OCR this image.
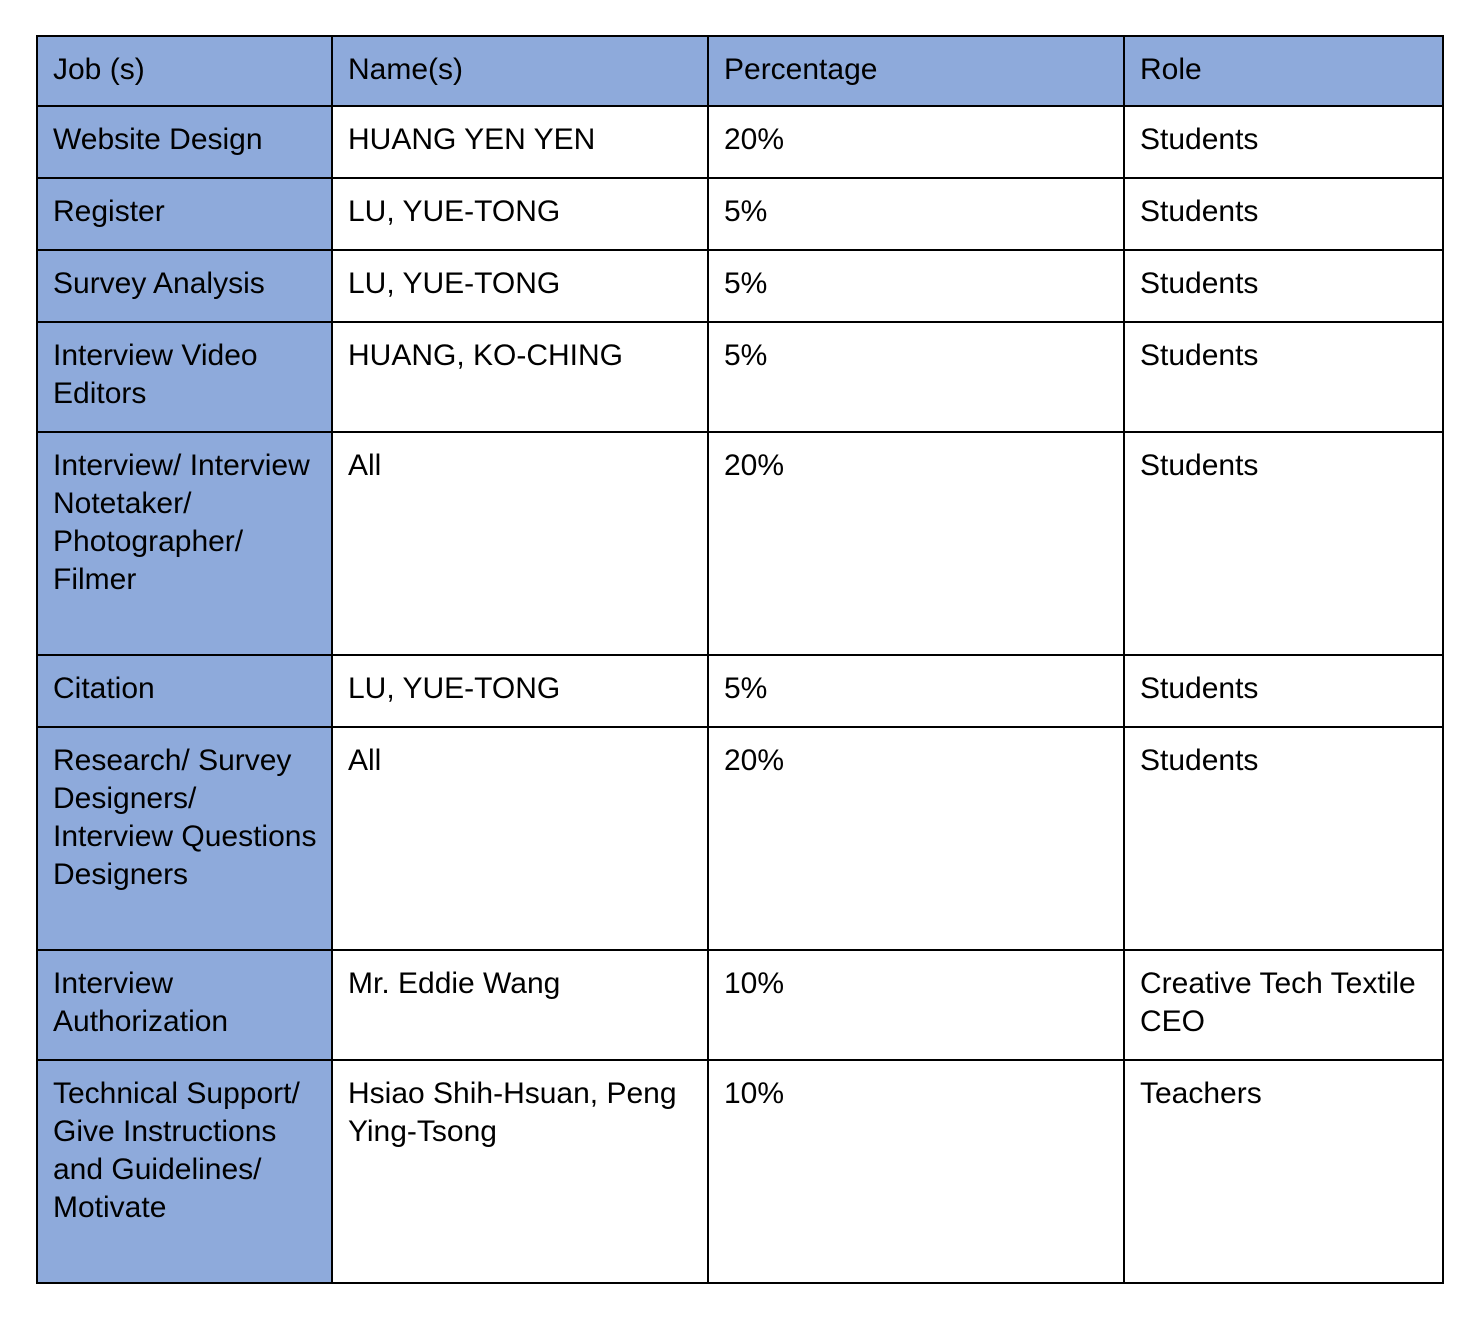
Job (s)	Name(s)	Percentage	Role
Website Design	HUANG YEN YEN	20%	Students
Register	LU, YUE-TONG	5%	Students
Survey Analysis	LU, YUE-TONG	5%	Students
Interview Video Editors	HUANG, KO-CHING	5%	Students
Interview/ Interview Notetaker/ Photographer/ Filmer	All	20%	Students
Citation	LU, YUE-TONG	5%	Students
Research/ Survey Designers/ Interview Questions Designers	All	20%	Students
Interview Authorization	Mr. Eddie Wang	10%	Creative Tech Textile CEO
Technical Support/ Give Instructions and Guidelines/ Motivate	Hsiao Shih-Hsuan, Peng Ying-Tsong	10%	Teachers
